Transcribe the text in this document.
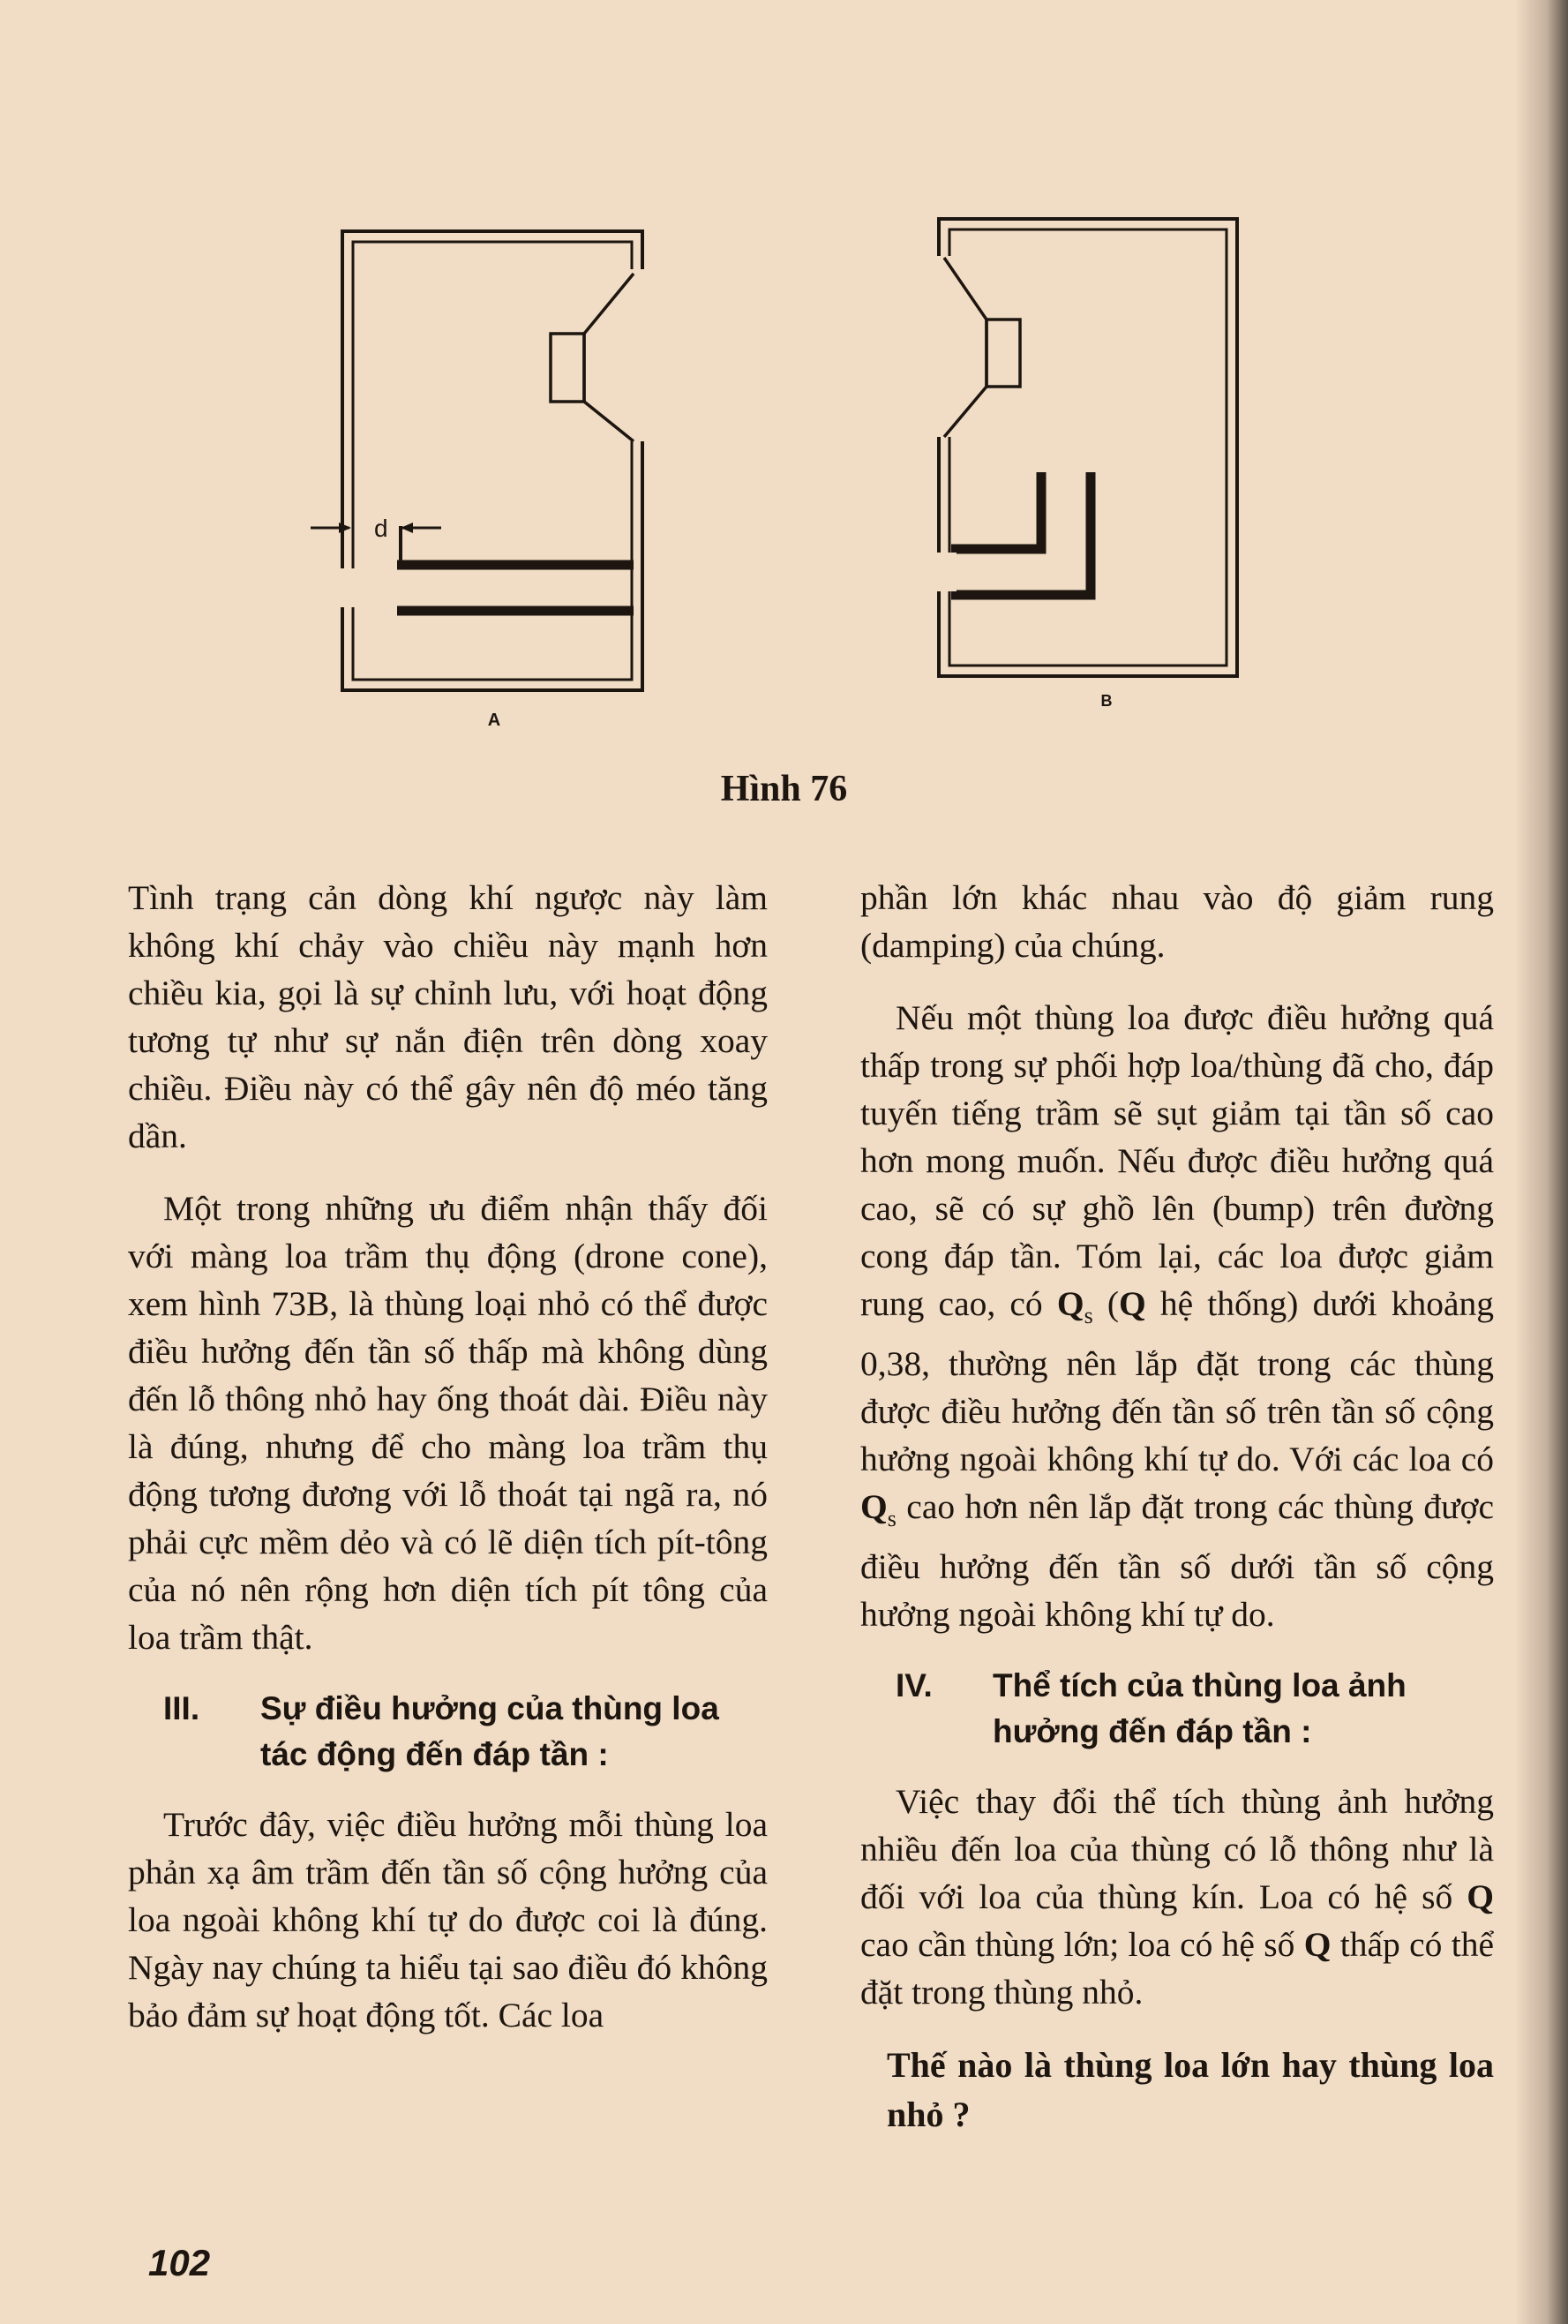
d
A
B
Hình 76

Tình trạng cản dòng khí ngược này làm không khí chảy vào chiều này mạnh hơn chiều kia, gọi là sự chỉnh lưu, với hoạt động tương tự như sự nắn điện trên dòng xoay chiều. Điều này có thể gây nên độ méo tăng dần.

Một trong những ưu điểm nhận thấy đối với màng loa trầm thụ động (drone cone), xem hình 73B, là thùng loại nhỏ có thể được điều hưởng đến tần số thấp mà không dùng đến lỗ thông nhỏ hay ống thoát dài. Điều này là đúng, nhưng để cho màng loa trầm thụ động tương đương với lỗ thoát tại ngã ra, nó phải cực mềm dẻo và có lẽ diện tích pít-tông của nó nên rộng hơn diện tích pít tông của loa trầm thật.

III.	Sự điều hưởng của thùng loa tác động đến đáp tần :

Trước đây, việc điều hưởng mỗi thùng loa phản xạ âm trầm đến tần số cộng hưởng của loa ngoài không khí tự do được coi là đúng. Ngày nay chúng ta hiểu tại sao điều đó không bảo đảm sự hoạt động tốt. Các loa

phần lớn khác nhau vào độ giảm rung (damping) của chúng.

Nếu một thùng loa được điều hưởng quá thấp trong sự phối hợp loa/thùng đã cho, đáp tuyến tiếng trầm sẽ sụt giảm tại tần số cao hơn mong muốn. Nếu được điều hưởng quá cao, sẽ có sự ghồ lên (bump) trên đường cong đáp tần. Tóm lại, các loa được giảm rung cao, có $Q_s$ (Q hệ thống) dưới khoảng 0,38, thường nên lắp đặt trong các thùng được điều hưởng đến tần số trên tần số cộng hưởng ngoài không khí tự do. Với các loa có $Q_s$ cao hơn nên lắp đặt trong các thùng được điều hưởng đến tần số dưới tần số cộng hưởng ngoài không khí tự do.

IV.	Thể tích của thùng loa ảnh hưởng đến đáp tần :

Việc thay đổi thể tích thùng ảnh hưởng nhiều đến loa của thùng có lỗ thông như là đối với loa của thùng kín. Loa có hệ số Q cao cần thùng lớn; loa có hệ số Q thấp có thể đặt trong thùng nhỏ.

Thế nào là thùng loa lớn hay thùng loa nhỏ ?
102
